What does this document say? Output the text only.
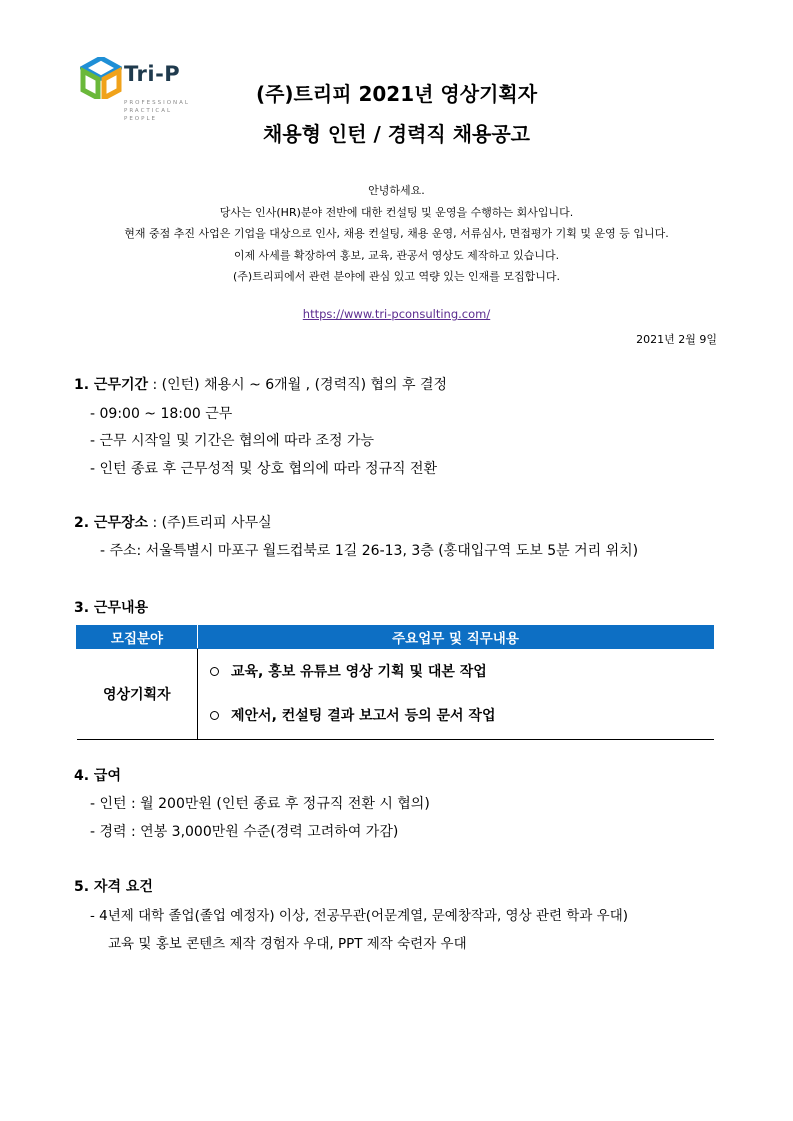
Tri-P
PROFESSIONAL
PRACTICAL
PEOPLE
(주)트리피 2021년 영상기획자
채용형 인턴 / 경력직 채용공고
안녕하세요.
당사는 인사(HR)분야 전반에 대한 컨설팅 및 운영을 수행하는 회사입니다.
현재 중점 추진 사업은 기업을 대상으로 인사, 채용 컨설팅, 채용 운영, 서류심사, 면접평가 기획 및 운영 등 입니다.
이제 사세를 확장하여 홍보, 교육, 관공서 영상도 제작하고 있습니다.
(주)트리피에서 관련 분야에 관심 있고 역량 있는 인재를 모집합니다.
https://www.tri-pconsulting.com/
2021년 2월 9일
1. 근무기간 : (인턴) 채용시 ~ 6개월 , (경력직) 협의 후 결정
- 09:00 ~ 18:00 근무
- 근무 시작일 및 기간은 협의에 따라 조정 가능
- 인턴 종료 후 근무성적 및 상호 협의에 따라 정규직 전환
2. 근무장소 : (주)트리피 사무실
- 주소: 서울특별시 마포구 월드컵북로 1길 26-13, 3층 (홍대입구역 도보 5분 거리 위치)
3. 근무내용
모집분야	주요업무 및 직무내용
영상기획자	교육, 홍보 유튜브 영상 기획 및 대본 작업
제안서, 컨설팅 결과 보고서 등의 문서 작업
4. 급여
- 인턴 : 월 200만원 (인턴 종료 후 정규직 전환 시 협의)
- 경력 : 연봉 3,000만원 수준(경력 고려하여 가감)
5. 자격 요건
- 4년제 대학 졸업(졸업 예정자) 이상, 전공무관(어문계열, 문예창작과, 영상 관련 학과 우대)
교육 및 홍보 콘텐츠 제작 경험자 우대, PPT 제작 숙련자 우대
